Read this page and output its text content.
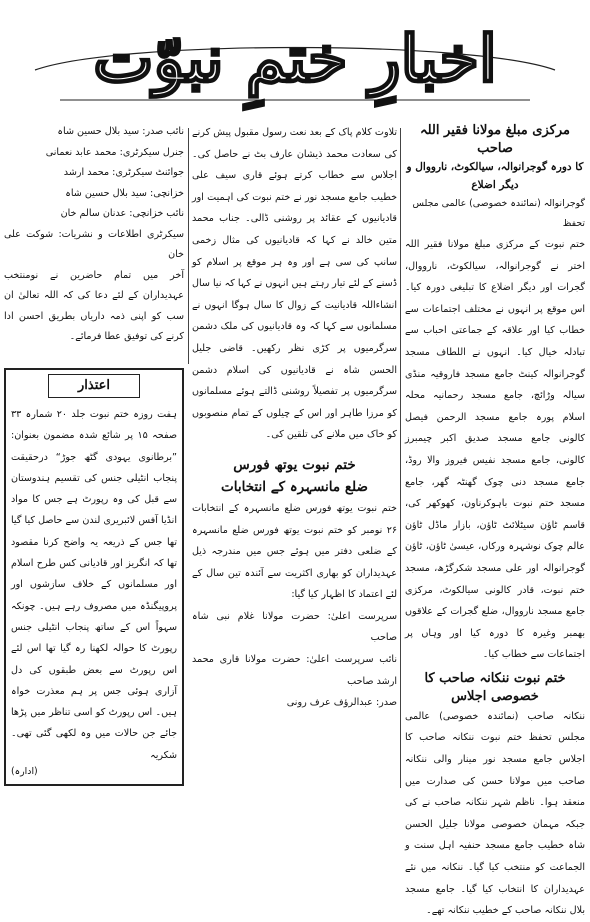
اخبارِ ختمِ نبوّت

مرکزی مبلغ مولانا فقیر اللہ صاحب

کا دورہ گوجرانوالہ، سیالکوٹ، نارووال و دیگر اضلاع

گوجرانوالہ (نمائندہ خصوصی) عالمی مجلس تحفظ

ختم نبوت کے مرکزی مبلغ مولانا فقیر اللہ اختر نے گوجرانوالہ، سیالکوٹ، نارووال، گجرات اور دیگر اضلاع کا تبلیغی دورہ کیا۔ اس موقع پر انہوں نے مختلف اجتماعات سے خطاب کیا اور علاقہ کے جماعتی احباب سے تبادلہ خیال کیا۔ انہوں نے اللطاف مسجد گوجرانوالہ کینٹ جامع مسجد فاروقیہ منڈی سیالہ وڑائچ، جامع مسجد رحمانیہ محلہ اسلام پورہ جامع مسجد الرحمن فیصل کالونی جامع مسجد صدیق اکبر چیمبرز کالونی، جامع مسجد نفیس فیروز والا روڈ، جامع مسجد دنی چوک گھنٹہ گھر، جامع مسجد ختم نبوت باہوکرناون، کھوکھر کی، قاسم ٹاؤن سیٹلائٹ ٹاؤن، بازار ماڈل ٹاؤن عالم چوک نوشہرہ ورکاں، عیسیٰ ٹاؤن، ٹاؤن گوجرانوالہ اور علی مسجد شکرگڑھ، مسجد ختم نبوت، قادر کالونی سیالکوٹ، مرکزی جامع مسجد نارووال، ضلع گجرات کے علاقوں بھمبر وغیرہ کا دورہ کیا اور وہاں پر اجتماعات سے خطاب کیا۔

ختم نبوت ننکانہ صاحب کا خصوصی اجلاس

ننکانہ صاحب (نمائندہ خصوصی) عالمی مجلس تحفظ ختم نبوت ننکانہ صاحب کا اجلاس جامع مسجد نور مینار والی ننکانہ صاحب میں مولانا حسن کی صدارت میں منعقد ہوا۔ ناظم شہر ننکانہ صاحب نے کی جبکہ مہمان خصوصی مولانا جلیل الحسن شاہ خطیب جامع مسجد حنفیہ اہل سنت و الجماعت کو منتخب کیا گیا۔ ننکانہ میں نئے عہدیداران کا انتخاب کیا گیا۔ جامع مسجد بلال ننکانہ صاحب کے خطیب ننکانہ تھے۔

تلاوت کلام پاک کے بعد نعت رسول مقبول پیش کرنے کی سعادت محمد ذیشان عارف بٹ نے حاصل کی۔ اجلاس سے خطاب کرتے ہوئے قاری سیف علی خطیب جامع مسجد نور نے ختم نبوت کی اہمیت اور قادیانیوں کے عقائد پر روشنی ڈالی۔ جناب محمد متین خالد نے کہا کہ قادیانیوں کی مثال زخمی سانپ کی سی ہے اور وہ ہر موقع پر اسلام کو ڈسنے کے لئے تیار رہتے ہیں انہوں نے کہا کہ نیا سال انشاءاللہ قادیانیت کے زوال کا سال ہوگا انہوں نے مسلمانوں سے کہا کہ وہ قادیانیوں کی ملک دشمن سرگرمیوں پر کڑی نظر رکھیں۔ قاضی جلیل الحسن شاہ نے قادیانیوں کی اسلام دشمن سرگرمیوں پر تفصیلاً روشنی ڈالتے ہوئے مسلمانوں کو مرزا طاہر اور اس کے چیلوں کے تمام منصوبوں کو خاک میں ملانے کی تلقین کی۔

ختم نبوت یوتھ فورس

ضلع مانسہرہ کے انتخابات

ختم نبوت یوتھ فورس ضلع مانسہرہ کے انتخابات ۲۶ نومبر کو ختم نبوت یوتھ فورس ضلع مانسہرہ کے ضلعی دفتر میں ہوئے جس میں مندرجہ ذیل عہدیداران کو بھاری اکثریت سے آئندہ تین سال کے لئے اعتماد کا اظہار کیا گیا:

سرپرست اعلیٰ: حضرت مولانا غلام نبی شاہ صاحب

نائب سرپرست اعلیٰ: حضرت مولانا قاری محمد ارشد صاحب

صدر: عبدالرؤف عرف رونی

نائب صدر: سید بلال حسین شاہ

جنرل سیکرٹری: محمد عابد نعمانی

جوائنٹ سیکرٹری: محمد ارشد

خزانچی: سید بلال حسین شاہ

نائب خزانچی: عدنان سالم خان

سیکرٹری اطلاعات و نشریات: شوکت علی خان

آخر میں تمام حاضرین نے نومنتخب عہدیداران کے لئے دعا کی کہ اللہ تعالیٰ ان سب کو اپنی ذمہ داریاں بطریق احسن ادا کرنے کی توفیق عطا فرمائے۔

اعتذار

ہفت روزہ ختم نبوت جلد ۲۰ شمارہ ۳۳ صفحہ ۱۵ پر شائع شدہ مضمون بعنوان: ”برطانوی یہودی گٹھ جوڑ“ درحقیقت پنجاب انٹیلی جنس کی تقسیم ہندوستان سے قبل کی وہ رپورٹ ہے جس کا مواد انڈیا آفس لائبریری لندن سے حاصل کیا گیا تھا جس کے ذریعہ یہ واضح کرنا مقصود تھا کہ انگریز اور قادیانی کس طرح اسلام اور مسلمانوں کے خلاف سازشوں اور پروپیگنڈہ میں مصروف رہے ہیں۔ چونکہ سہواً اس کے ساتھ پنجاب انٹیلی جنس رپورٹ کا حوالہ لکھنا رہ گیا تھا اس لئے اس رپورٹ سے بعض طبقوں کی دل آزاری ہوئی جس پر ہم معذرت خواہ ہیں۔ اس رپورٹ کو اسی تناظر میں پڑھا جائے جن حالات میں وہ لکھی گئی تھی۔ شکریہ

(ادارہ)
